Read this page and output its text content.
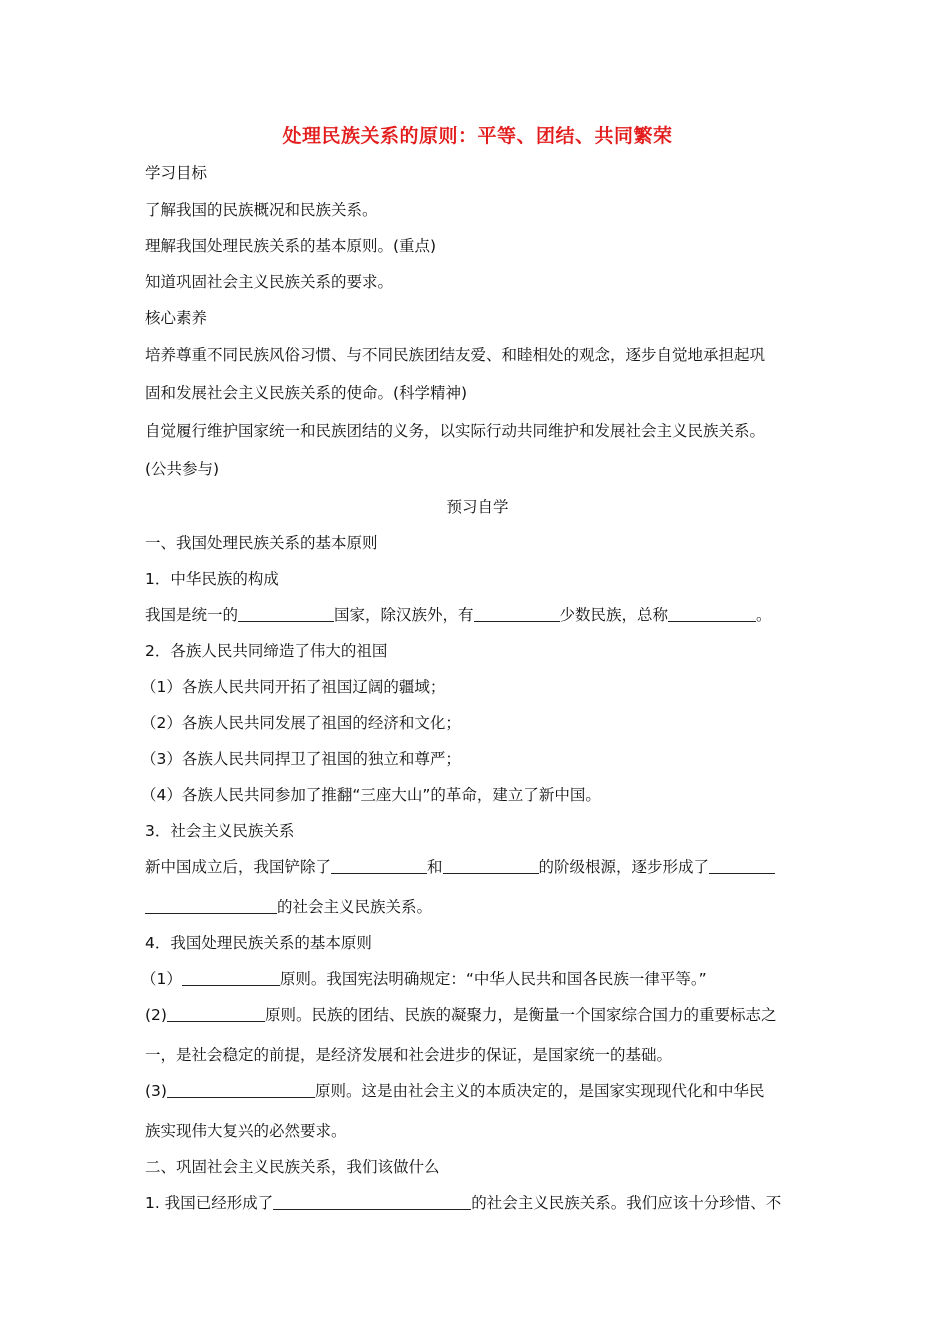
处理民族关系的原则：平等、团结、共同繁荣
学习目标
了解我国的民族概况和民族关系。
理解我国处理民族关系的基本原则。(重点)
知道巩固社会主义民族关系的要求。
核心素养
培养尊重不同民族风俗习惯、与不同民族团结友爱、和睦相处的观念，逐步自觉地承担起巩
固和发展社会主义民族关系的使命。(科学精神)
自觉履行维护国家统一和民族团结的义务，以实际行动共同维护和发展社会主义民族关系。
(公共参与)
预习自学
一、我国处理民族关系的基本原则
1．中华民族的构成
我国是统一的	国家，除汉族外，有	少数民族，总称	。
2．各族人民共同缔造了伟大的祖国
（1）各族人民共同开拓了祖国辽阔的疆域；
（2）各族人民共同发展了祖国的经济和文化；
（3）各族人民共同捍卫了祖国的独立和尊严；
（4）各族人民共同参加了推翻“三座大山”的革命，建立了新中国。
3．社会主义民族关系
新中国成立后，我国铲除了	和	的阶级根源，逐步形成了
的社会主义民族关系。
4．我国处理民族关系的基本原则
（1）	原则。我国宪法明确规定：“中华人民共和国各民族一律平等。”
(2)	原则。民族的团结、民族的凝聚力，是衡量一个国家综合国力的重要标志之
一，是社会稳定的前提，是经济发展和社会进步的保证，是国家统一的基础。
(3)	原则。这是由社会主义的本质决定的，是国家实现现代化和中华民
族实现伟大复兴的必然要求。
二、巩固社会主义民族关系，我们该做什么
1. 我国已经形成了	的社会主义民族关系。我们应该十分珍惜、不
